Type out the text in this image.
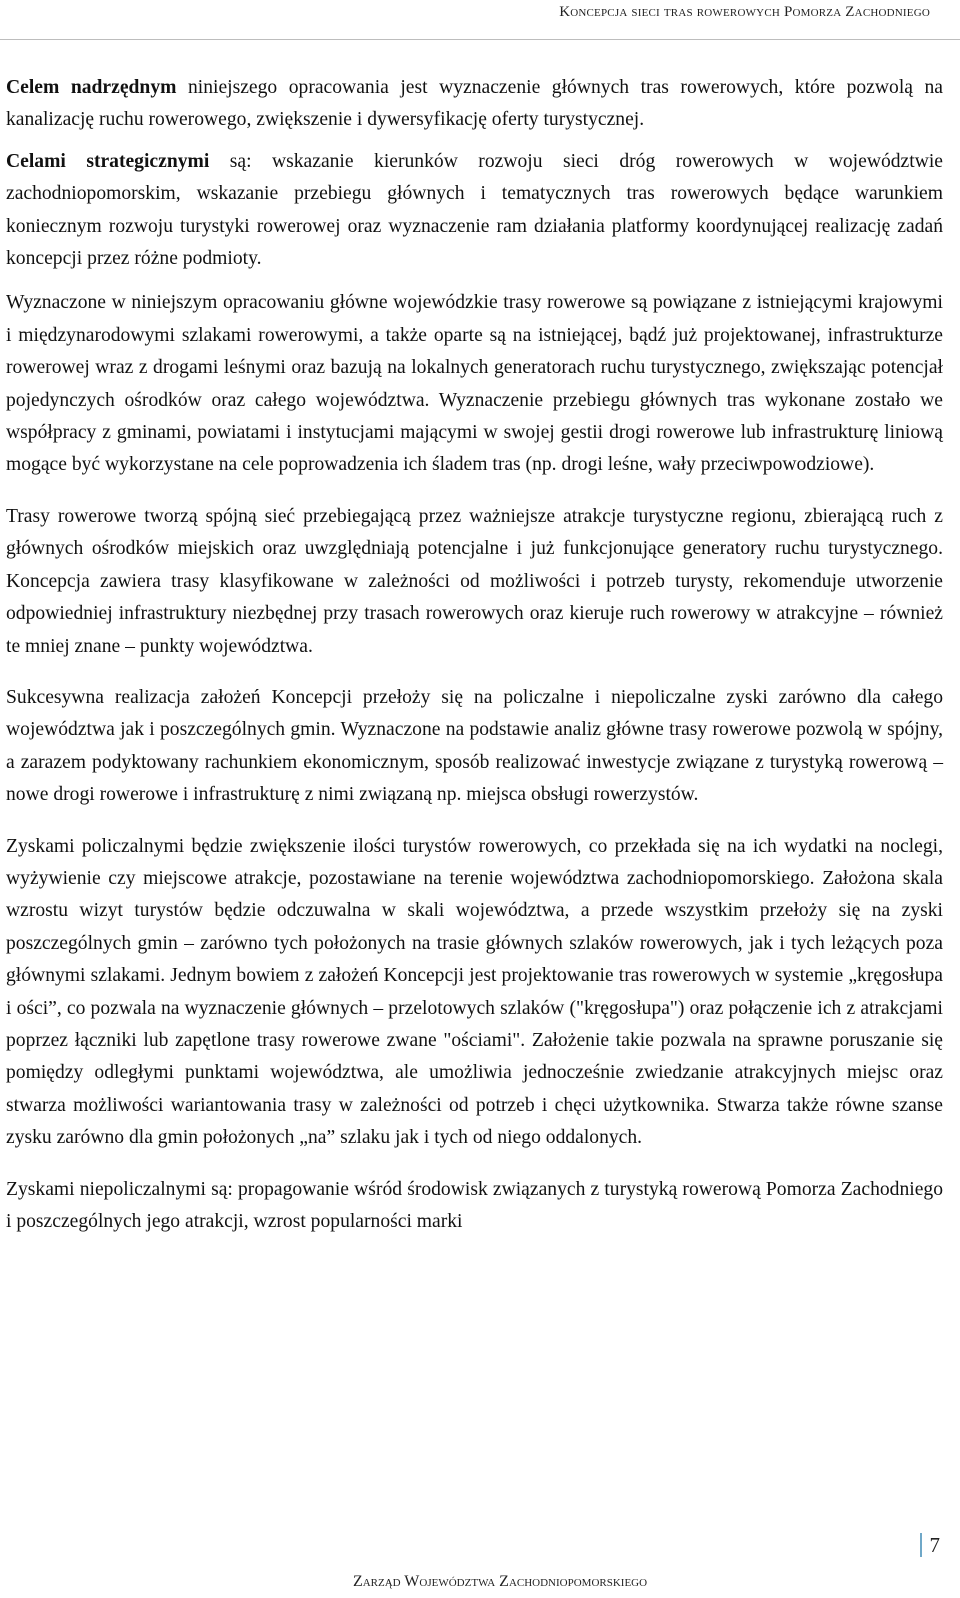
Koncepcja sieci tras rowerowych Pomorza Zachodniego

Celem nadrzędnym niniejszego opracowania jest wyznaczenie głównych tras rowerowych, które pozwolą na kanalizację ruchu rowerowego, zwiększenie i dywersyfikację oferty turystycznej.

Celami strategicznymi są: wskazanie kierunków rozwoju sieci dróg rowerowych w województwie zachodniopomorskim, wskazanie przebiegu głównych i tematycznych tras rowerowych będące warunkiem koniecznym rozwoju turystyki rowerowej oraz wyznaczenie ram działania platformy koordynującej realizację zadań koncepcji przez różne podmioty.

Wyznaczone w niniejszym opracowaniu główne wojewódzkie trasy rowerowe są powiązane z istniejącymi krajowymi i międzynarodowymi szlakami rowerowymi, a także oparte są na istniejącej, bądź już projektowanej, infrastrukturze rowerowej wraz z drogami leśnymi oraz bazują na lokalnych generatorach ruchu turystycznego, zwiększając potencjał pojedynczych ośrodków oraz całego województwa. Wyznaczenie przebiegu głównych tras wykonane zostało we współpracy z gminami, powiatami i instytucjami mającymi w swojej gestii drogi rowerowe lub infrastrukturę liniową mogące być wykorzystane na cele poprowadzenia ich śladem tras (np. drogi leśne, wały przeciwpowodziowe).

Trasy rowerowe tworzą spójną sieć przebiegającą przez ważniejsze atrakcje turystyczne regionu, zbierającą ruch z głównych ośrodków miejskich oraz uwzględniają potencjalne i już funkcjonujące generatory ruchu turystycznego. Koncepcja zawiera trasy klasyfikowane w zależności od możliwości i potrzeb turysty, rekomenduje utworzenie odpowiedniej infrastruktury niezbędnej przy trasach rowerowych oraz kieruje ruch rowerowy w atrakcyjne – również te mniej znane – punkty województwa.

Sukcesywna realizacja założeń Koncepcji przełoży się na policzalne i niepoliczalne zyski zarówno dla całego województwa jak i poszczególnych gmin. Wyznaczone na podstawie analiz główne trasy rowerowe pozwolą w spójny, a zarazem podyktowany rachunkiem ekonomicznym, sposób realizować inwestycje związane z turystyką rowerową – nowe drogi rowerowe i infrastrukturę z nimi związaną np. miejsca obsługi rowerzystów.

Zyskami policzalnymi będzie zwiększenie ilości turystów rowerowych, co przekłada się na ich wydatki na noclegi, wyżywienie czy miejscowe atrakcje, pozostawiane na terenie województwa zachodniopomorskiego. Założona skala wzrostu wizyt turystów będzie odczuwalna w skali województwa, a przede wszystkim przełoży się na zyski poszczególnych gmin – zarówno tych położonych na trasie głównych szlaków rowerowych, jak i tych leżących poza głównymi szlakami. Jednym bowiem z założeń Koncepcji jest projektowanie tras rowerowych w systemie „kręgosłupa i ości”, co pozwala na wyznaczenie głównych – przelotowych szlaków ("kręgosłupa") oraz połączenie ich z atrakcjami poprzez łączniki lub zapętlone trasy rowerowe zwane "ościami". Założenie takie pozwala na sprawne poruszanie się pomiędzy odległymi punktami województwa, ale umożliwia jednocześnie zwiedzanie atrakcyjnych miejsc oraz stwarza możliwości wariantowania trasy w zależności od potrzeb i chęci użytkownika. Stwarza także równe szanse zysku zarówno dla gmin położonych „na” szlaku jak i tych od niego oddalonych.

Zyskami niepoliczalnymi są: propagowanie wśród środowisk związanych z turystyką rowerową Pomorza Zachodniego i poszczególnych jego atrakcji, wzrost popularności marki

7
Zarząd Województwa Zachodniopomorskiego
